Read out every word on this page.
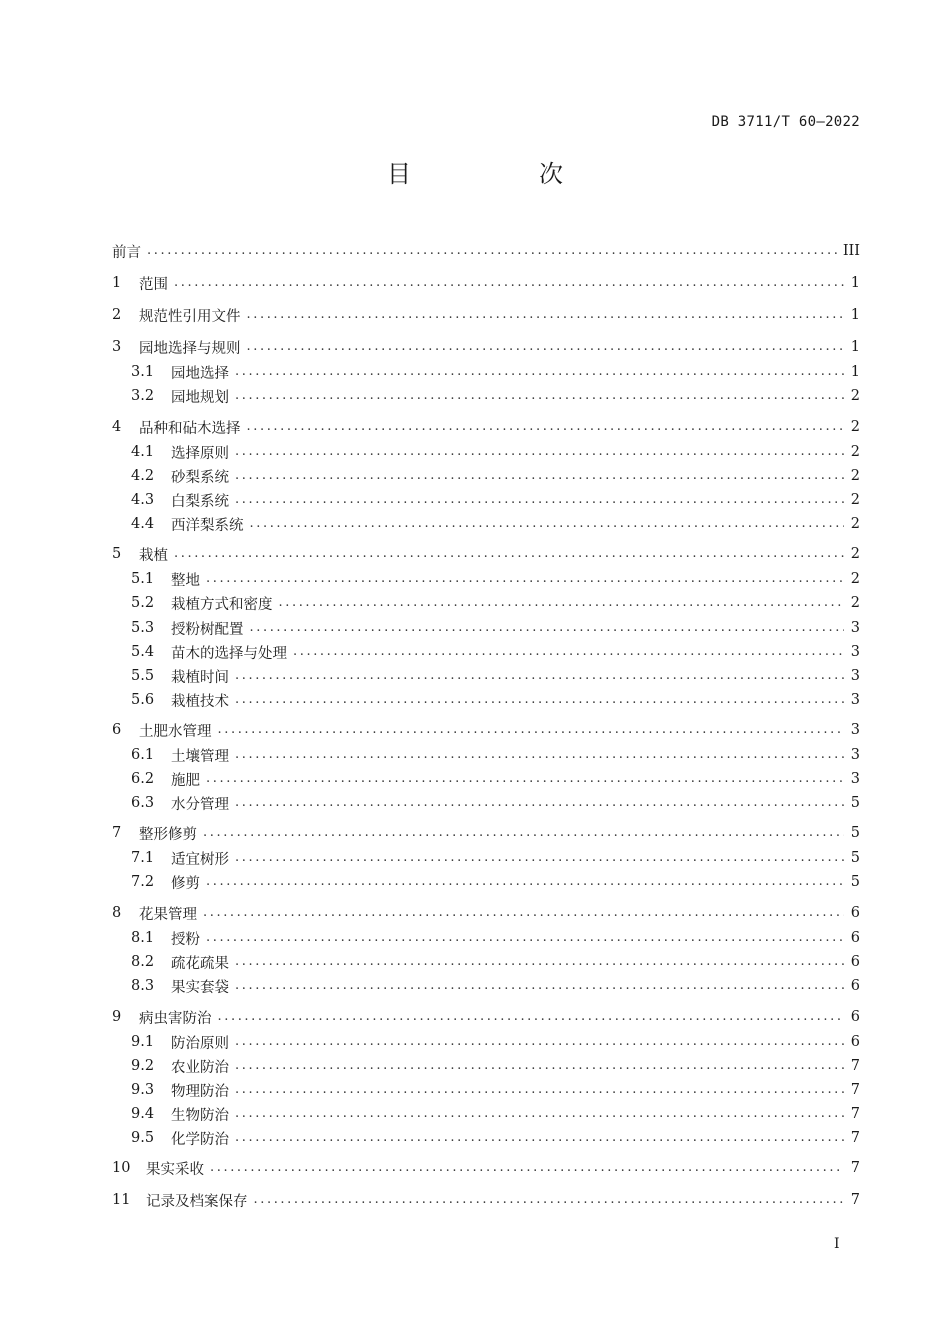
DB 3711/T 60—2022
目　次
前言 .....	III
1	范围 .....	1
2	规范性引用文件 .....	1
3	园地选择与规则 .....	1
3.1	园地选择 .....	1
3.2	园地规划 .....	2
4	品种和砧木选择 .....	2
4.1	选择原则 .....	2
4.2	砂梨系统 .....	2
4.3	白梨系统 .....	2
4.4	西洋梨系统 .....	2
5	栽植 .....	2
5.1	整地 .....	2
5.2	栽植方式和密度 .....	2
5.3	授粉树配置 .....	3
5.4	苗木的选择与处理 .....	3
5.5	栽植时间 .....	3
5.6	栽植技术 .....	3
6	土肥水管理 .....	3
6.1	土壤管理 .....	3
6.2	施肥 .....	3
6.3	水分管理 .....	5
7	整形修剪 .....	5
7.1	适宜树形 .....	5
7.2	修剪 .....	5
8	花果管理 .....	6
8.1	授粉 .....	6
8.2	疏花疏果 .....	6
8.3	果实套袋 .....	6
9	病虫害防治 .....	6
9.1	防治原则 .....	6
9.2	农业防治 .....	7
9.3	物理防治 .....	7
9.4	生物防治 .....	7
9.5	化学防治 .....	7
10	果实采收 .....	7
11	记录及档案保存 .....	7
I
